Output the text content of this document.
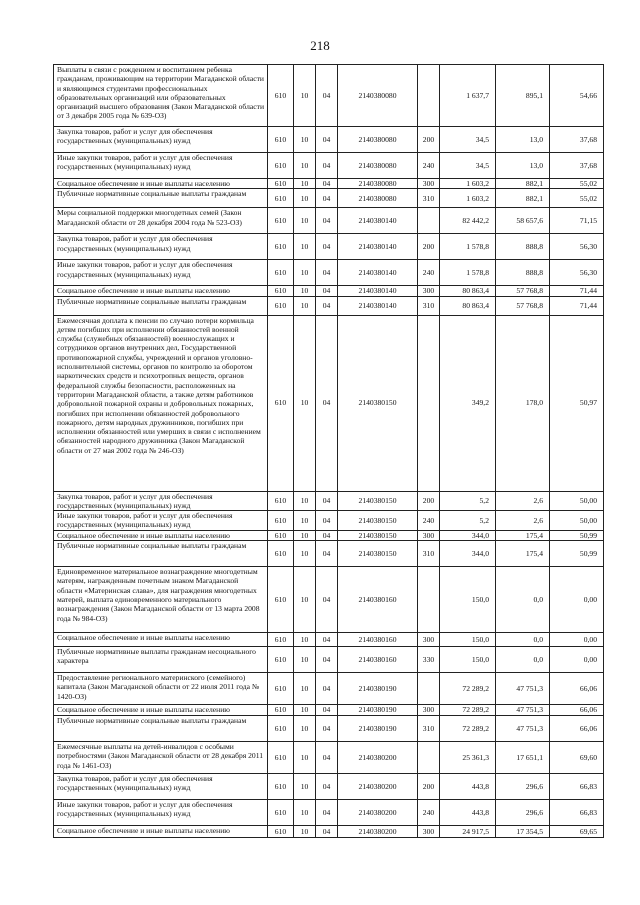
218
Выплаты в связи с рождением и воспитанием ребенка гражданам, проживающим на территории Магаданской области и являющимся студентами профессиональных образовательных организаций или образовательных организаций высшего образования (Закон Магаданской области от 3 декабря 2005 года № 639-ОЗ)	610	10	04	2140380080		1 637,7	895,1	54,66
Закупка товаров, работ и услуг для обеспечения государственных (муниципальных) нужд	610	10	04	2140380080	200	34,5	13,0	37,68
Иные закупки товаров, работ и услуг для обеспечения государственных (муниципальных) нужд	610	10	04	2140380080	240	34,5	13,0	37,68
Социальное обеспечение и иные выплаты населению	610	10	04	2140380080	300	1 603,2	882,1	55,02
Публичные нормативные социальные выплаты гражданам	610	10	04	2140380080	310	1 603,2	882,1	55,02
Меры социальной поддержки многодетных семей (Закон Магаданской области от 28 декабря 2004 года № 523-ОЗ)	610	10	04	2140380140		82 442,2	58 657,6	71,15
Закупка товаров, работ и услуг для обеспечения государственных (муниципальных) нужд	610	10	04	2140380140	200	1 578,8	888,8	56,30
Иные закупки товаров, работ и услуг для обеспечения государственных (муниципальных) нужд	610	10	04	2140380140	240	1 578,8	888,8	56,30
Социальное обеспечение и иные выплаты населению	610	10	04	2140380140	300	80 863,4	57 768,8	71,44
Публичные нормативные социальные выплаты гражданам	610	10	04	2140380140	310	80 863,4	57 768,8	71,44
Ежемесячная доплата к пенсии по случаю потери кормильца детям погибших при исполнении обязанностей военной службы (служебных обязанностей) военнослужащих и сотрудников органов внутренних дел, Государственной противопожарной службы, учреждений и органов уголовно-исполнительной системы, органов по контролю за оборотом наркотических средств и психотропных веществ, органов федеральной службы безопасности, расположенных на территории Магаданской области, а также детям работников добровольной пожарной охраны и добровольных пожарных, погибших при исполнении обязанностей добровольного пожарного, детям народных дружинников, погибших при исполнении обязанностей или умерших в связи с исполнением обязанностей народного дружинника (Закон Магаданской области от 27 мая 2002 года № 246-ОЗ)	610	10	04	2140380150		349,2	178,0	50,97
Закупка товаров, работ и услуг для обеспечения государственных (муниципальных) нужд	610	10	04	2140380150	200	5,2	2,6	50,00
Иные закупки товаров, работ и услуг для обеспечения государственных (муниципальных) нужд	610	10	04	2140380150	240	5,2	2,6	50,00
Социальное обеспечение и иные выплаты населению	610	10	04	2140380150	300	344,0	175,4	50,99
Публичные нормативные социальные выплаты гражданам	610	10	04	2140380150	310	344,0	175,4	50,99
Единовременное материальное вознаграждение многодетным матерям, награжденным почетным знаком Магаданской области «Материнская слава», для награждения многодетных матерей, выплата единовременного материального вознаграждения (Закон Магаданской области от 13 марта 2008 года № 984-ОЗ)	610	10	04	2140380160		150,0	0,0	0,00
Социальное обеспечение и иные выплаты населению	610	10	04	2140380160	300	150,0	0,0	0,00
Публичные нормативные выплаты гражданам несоциального характера	610	10	04	2140380160	330	150,0	0,0	0,00
Предоставление регионального материнского (семейного) капитала (Закон Магаданской области от 22 июля 2011 года № 1420-ОЗ)	610	10	04	2140380190		72 289,2	47 751,3	66,06
Социальное обеспечение и иные выплаты населению	610	10	04	2140380190	300	72 289,2	47 751,3	66,06
Публичные нормативные социальные выплаты гражданам	610	10	04	2140380190	310	72 289,2	47 751,3	66,06
Ежемесячные выплаты на детей-инвалидов с особыми потребностями (Закон Магаданской области от 28 декабря 2011 года № 1461-ОЗ)	610	10	04	2140380200		25 361,3	17 651,1	69,60
Закупка товаров, работ и услуг для обеспечения государственных (муниципальных) нужд	610	10	04	2140380200	200	443,8	296,6	66,83
Иные закупки товаров, работ и услуг для обеспечения государственных (муниципальных) нужд	610	10	04	2140380200	240	443,8	296,6	66,83
Социальное обеспечение и иные выплаты населению	610	10	04	2140380200	300	24 917,5	17 354,5	69,65
